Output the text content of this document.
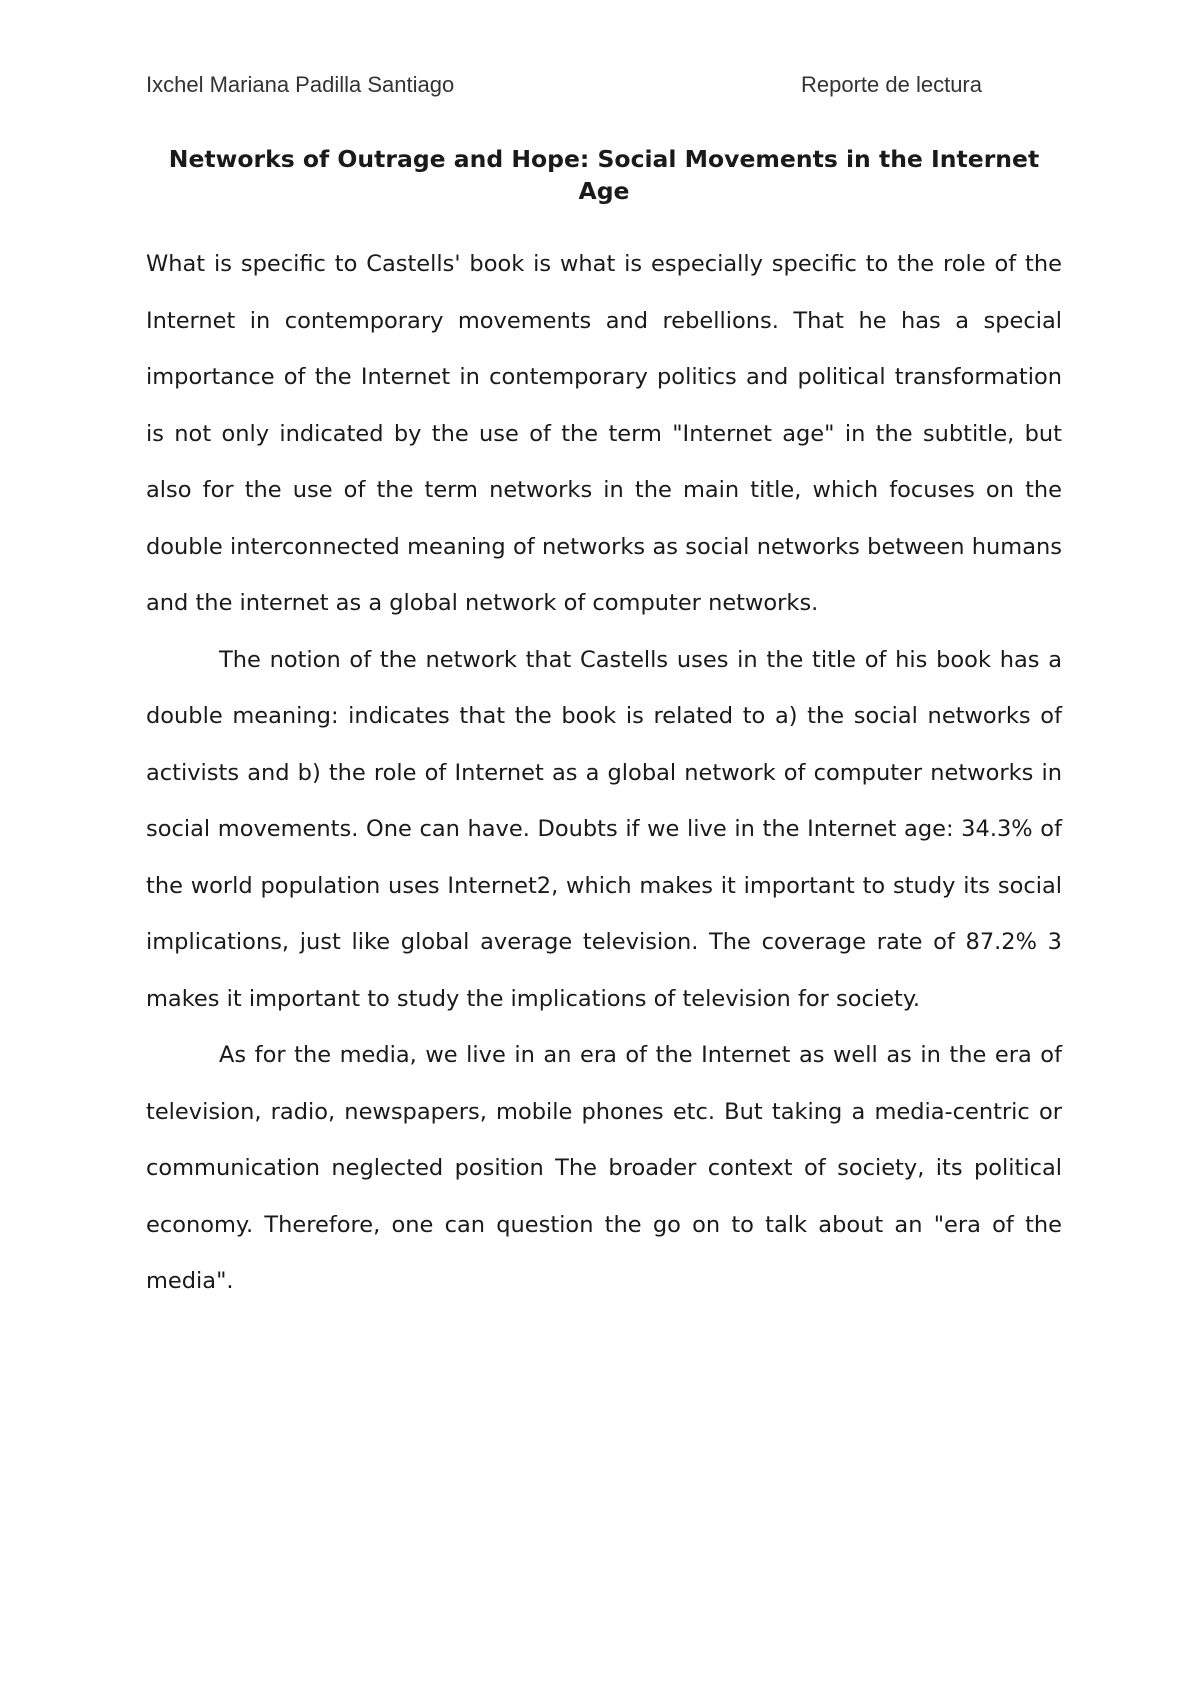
Ixchel Mariana Padilla Santiago	Reporte de lectura
Networks of Outrage and Hope: Social Movements in the Internet Age

What is specific to Castells' book is what is especially specific to the role of the Internet in contemporary movements and rebellions. That he has a special importance of the Internet in contemporary politics and political transformation is not only indicated by the use of the term "Internet age" in the subtitle, but also for the use of the term networks in the main title, which focuses on the double interconnected meaning of networks as social networks between humans and the internet as a global network of computer networks.

The notion of the network that Castells uses in the title of his book has a double meaning: indicates that the book is related to a) the social networks of activists and b) the role of Internet as a global network of computer networks in social movements. One can have. Doubts if we live in the Internet age: 34.3% of the world population uses Internet2, which makes it important to study its social implications, just like global average television. The coverage rate of 87.2% 3 makes it important to study the implications of television for society.

As for the media, we live in an era of the Internet as well as in the era of television, radio, newspapers, mobile phones etc. But taking a media-centric or communication neglected position The broader context of society, its political economy. Therefore, one can question the go on to talk about an "era of the media".
